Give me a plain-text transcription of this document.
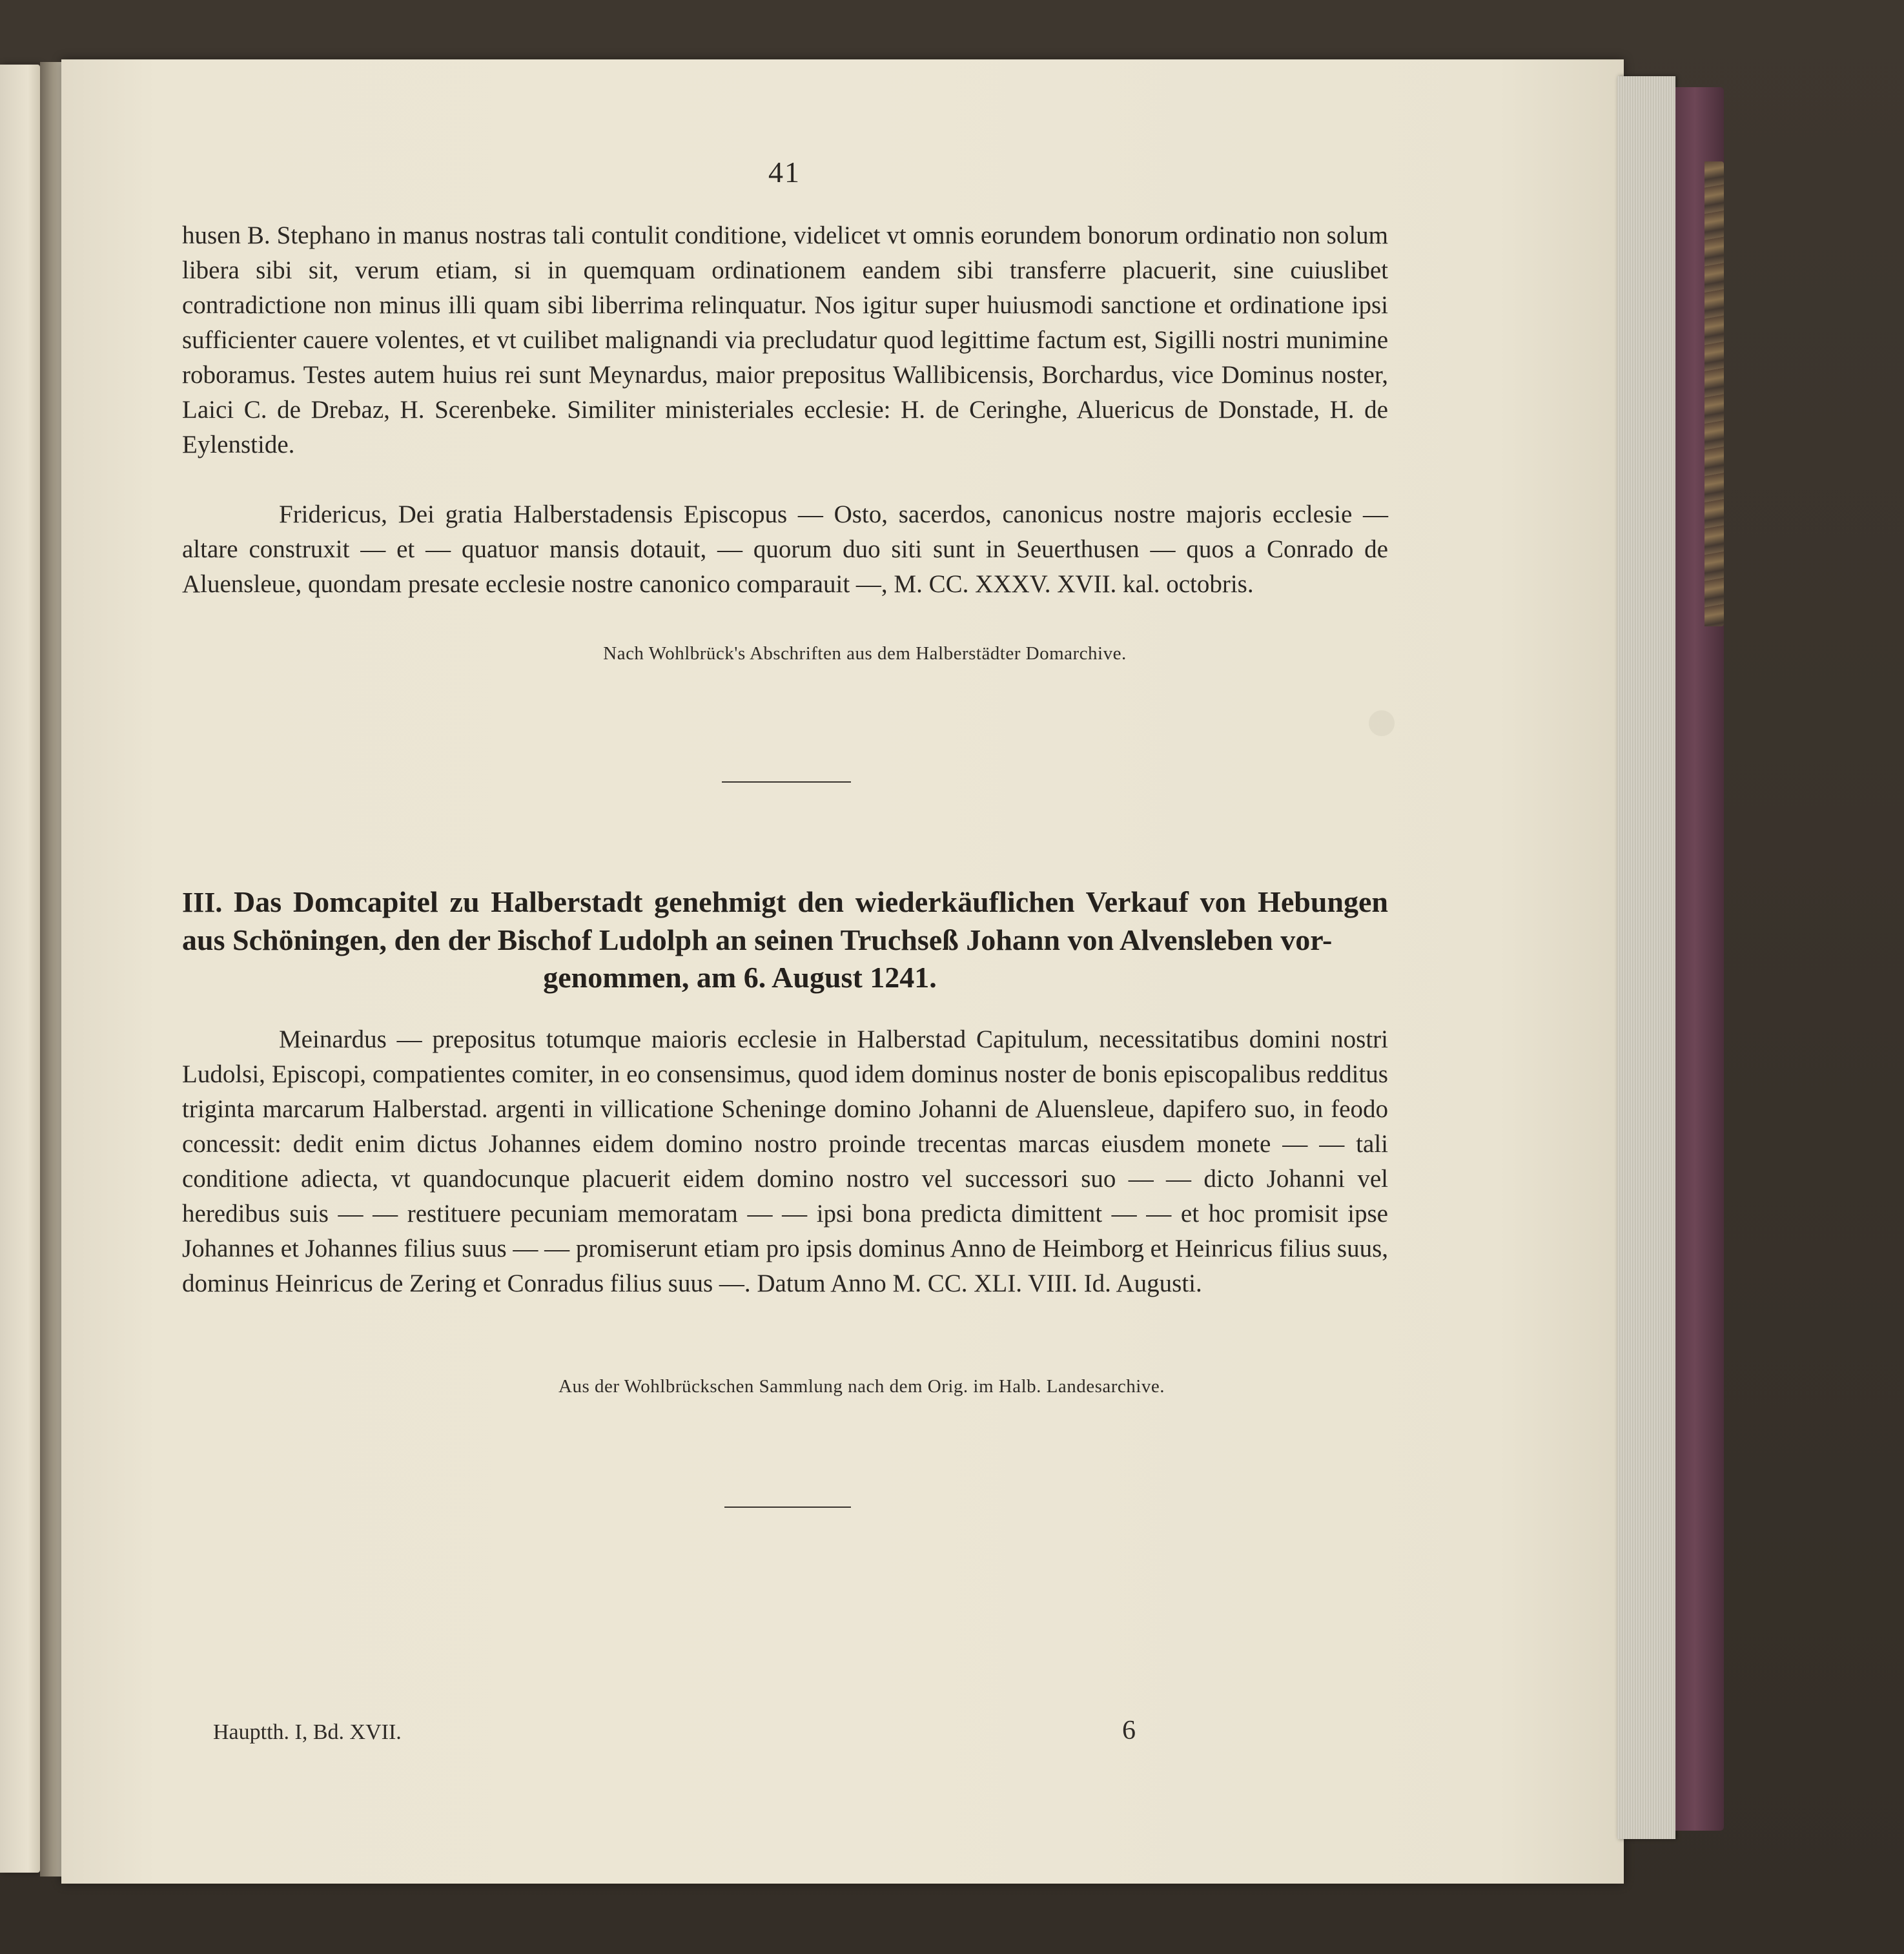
41

husen B. Stephano in manus nostras tali contulit conditione, videlicet vt omnis eorundem bonorum ordinatio non solum libera sibi sit, verum etiam, si in quemquam ordinationem eandem sibi transferre placuerit, sine cuiuslibet contradictione non minus illi quam sibi liberrima relinquatur. Nos igitur super huiusmodi sanctione et ordinatione ipsi sufficienter cauere volentes, et vt cuilibet malignandi via precludatur quod legittime factum est, Sigilli nostri munimine roboramus. Testes autem huius rei sunt Meynardus, maior prepositus Wallibicensis, Borchardus, vice Dominus noster, Laici C. de Drebaz, H. Scerenbeke. Similiter ministeriales ecclesie: H. de Ceringhe, Aluericus de Donstade, H. de Eylenstide.

Fridericus, Dei gratia Halberstadensis Episcopus — Osto, sacerdos, canonicus nostre majoris ecclesie — altare construxit — et — quatuor mansis dotauit, — quorum duo siti sunt in Seuerthusen — quos a Conrado de Aluensleue, quondam presate ecclesie nostre canonico comparauit —, M. CC. XXXV. XVII. kal. octobris.

Nach Wohlbrück's Abschriften aus dem Halberstädter Domarchive.

III. Das Domcapitel zu Halberstadt genehmigt den wiederkäuflichen Verkauf von Hebungen aus Schöningen, den der Bischof Ludolph an seinen Truchseß Johann von Alvensleben vor-
genommen, am 6. August 1241.

Meinardus — prepositus totumque maioris ecclesie in Halberstad Capitulum, necessitatibus domini nostri Ludolsi, Episcopi, compatientes comiter, in eo consensimus, quod idem dominus noster de bonis episcopalibus redditus triginta marcarum Halberstad. argenti in villicatione Scheninge domino Johanni de Aluensleue, dapifero suo, in feodo concessit: dedit enim dictus Johannes eidem domino nostro proinde trecentas marcas eiusdem monete — — tali conditione adiecta, vt quandocunque placuerit eidem domino nostro vel successori suo — — dicto Johanni vel heredibus suis — — restituere pecuniam memoratam — — ipsi bona predicta dimittent — — et hoc promisit ipse Johannes et Johannes filius suus — — promiserunt etiam pro ipsis dominus Anno de Heimborg et Heinricus filius suus, dominus Heinricus de Zering et Conradus filius suus —. Datum Anno M. CC. XLI. VIII. Id. Augusti.

Aus der Wohlbrückschen Sammlung nach dem Orig. im Halb. Landesarchive.

Hauptth. I, Bd. XVII.	6
